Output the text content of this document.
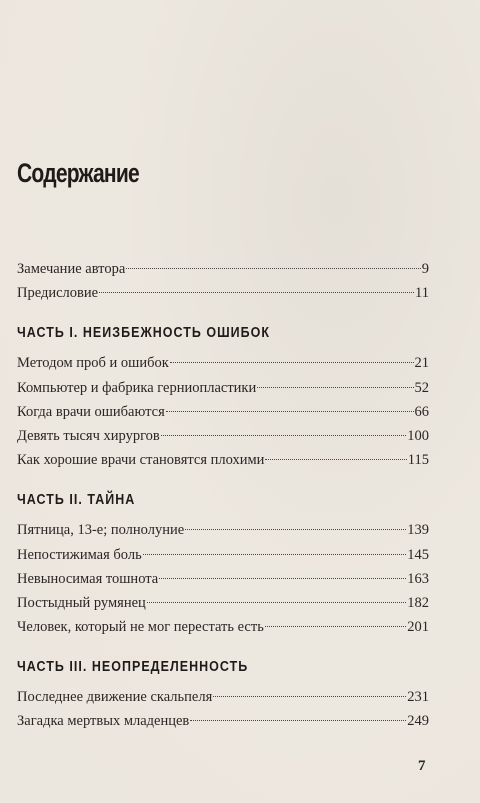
Содержание
Замечание автора	9
Предисловие	11
ЧАСТЬ I. НЕИЗБЕЖНОСТЬ ОШИБОК
Методом проб и ошибок	21
Компьютер и фабрика герниопластики	52
Когда врачи ошибаются	66
Девять тысяч хирургов	100
Как хорошие врачи становятся плохими	115
ЧАСТЬ II. ТАЙНА
Пятница, 13-е; полнолуние	139
Непостижимая боль	145
Невыносимая тошнота	163
Постыдный румянец	182
Человек, который не мог перестать есть	201
ЧАСТЬ III. НЕОПРЕДЕЛЕННОСТЬ
Последнее движение скальпеля	231
Загадка мертвых младенцев	249
7
